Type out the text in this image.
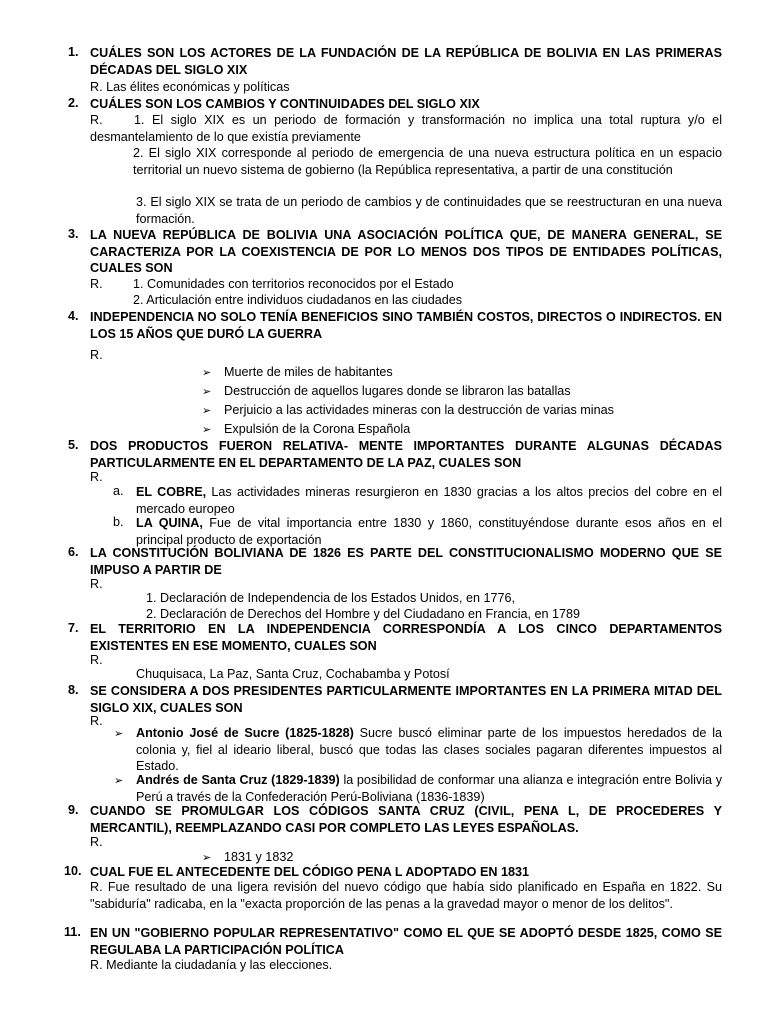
1. CUÁLES SON LOS ACTORES DE LA FUNDACIÓN DE LA REPÚBLICA DE BOLIVIA EN LAS PRIMERAS DÉCADAS DEL SIGLO XIX
R. Las élites económicas y políticas
2. CUÁLES SON LOS CAMBIOS Y CONTINUIDADES DEL SIGLO XIX
R.	1. El siglo XIX es un periodo de formación y transformación no implica una total ruptura y/o el desmantelamiento de lo que existía previamente
2. El siglo XIX corresponde al periodo de emergencia de una nueva estructura política en un espacio territorial un nuevo sistema de gobierno (la República representativa, a partir de una constitución
3. El siglo XIX se trata de un periodo de cambios y de continuidades que se reestructuran en una nueva formación.
3. LA NUEVA REPÚBLICA DE BOLIVIA UNA ASOCIACIÓN POLÍTICA QUE, DE MANERA GENERAL, SE CARACTERIZA POR LA COEXISTENCIA DE POR LO MENOS DOS TIPOS DE ENTIDADES POLÍTICAS, CUALES SON
R.	1. Comunidades con territorios reconocidos por el Estado
2. Articulación entre individuos ciudadanos en las ciudades
4. INDEPENDENCIA NO SOLO TENÍA BENEFICIOS SINO TAMBIÉN COSTOS, DIRECTOS O INDIRECTOS. EN LOS 15 AÑOS QUE DURÓ LA GUERRA
R.
➢ Muerte de miles de habitantes
➢ Destrucción de aquellos lugares donde se libraron las batallas
➢ Perjuicio a las actividades mineras con la destrucción de varias minas
➢ Expulsión de la Corona Española
5. DOS PRODUCTOS FUERON RELATIVA- MENTE IMPORTANTES DURANTE ALGUNAS DÉCADAS PARTICULARMENTE EN EL DEPARTAMENTO DE LA PAZ, CUALES SON
R.
a. EL COBRE, Las actividades mineras resurgieron en 1830 gracias a los altos precios del cobre en el mercado europeo
b. LA QUINA, Fue de vital importancia entre 1830 y 1860, constituyéndose durante esos años en el principal producto de exportación
6. LA CONSTITUCIÓN BOLIVIANA DE 1826 ES PARTE DEL CONSTITUCIONALISMO MODERNO QUE SE IMPUSO A PARTIR DE
R.
1. Declaración de Independencia de los Estados Unidos, en 1776,
2. Declaración de Derechos del Hombre y del Ciudadano en Francia, en 1789
7. EL TERRITORIO EN LA INDEPENDENCIA CORRESPONDÍA A LOS CINCO DEPARTAMENTOS EXISTENTES EN ESE MOMENTO, CUALES SON
R.
Chuquisaca, La Paz, Santa Cruz, Cochabamba y Potosí
8. SE CONSIDERA A DOS PRESIDENTES PARTICULARMENTE IMPORTANTES EN LA PRIMERA MITAD DEL SIGLO XIX, CUALES SON
R.
➢ Antonio José de Sucre (1825-1828) Sucre buscó eliminar parte de los impuestos heredados de la colonia y, fiel al ideario liberal, buscó que todas las clases sociales pagaran diferentes impuestos al Estado.
➢ Andrés de Santa Cruz (1829-1839) la posibilidad de conformar una alianza e integración entre Bolivia y Perú a través de la Confederación Perú-Boliviana (1836-1839)
9. CUANDO SE PROMULGAR LOS CÓDIGOS SANTA CRUZ (CIVIL, PENA L, DE PROCEDERES Y MERCANTIL), REEMPLAZANDO CASI POR COMPLETO LAS LEYES ESPAÑOLAS.
R.
➢ 1831 y 1832
10. CUAL FUE EL ANTECEDENTE DEL CÓDIGO PENA L ADOPTADO EN 1831
R. Fue resultado de una ligera revisión del nuevo código que había sido planificado en España en 1822. Su "sabiduría" radicaba, en la "exacta proporción de las penas a la gravedad mayor o menor de los delitos".
11. EN UN "GOBIERNO POPULAR REPRESENTATIVO" COMO EL QUE SE ADOPTÓ DESDE 1825, COMO SE REGULABA LA PARTICIPACIÓN POLÍTICA
R. Mediante la ciudadanía y las elecciones.
